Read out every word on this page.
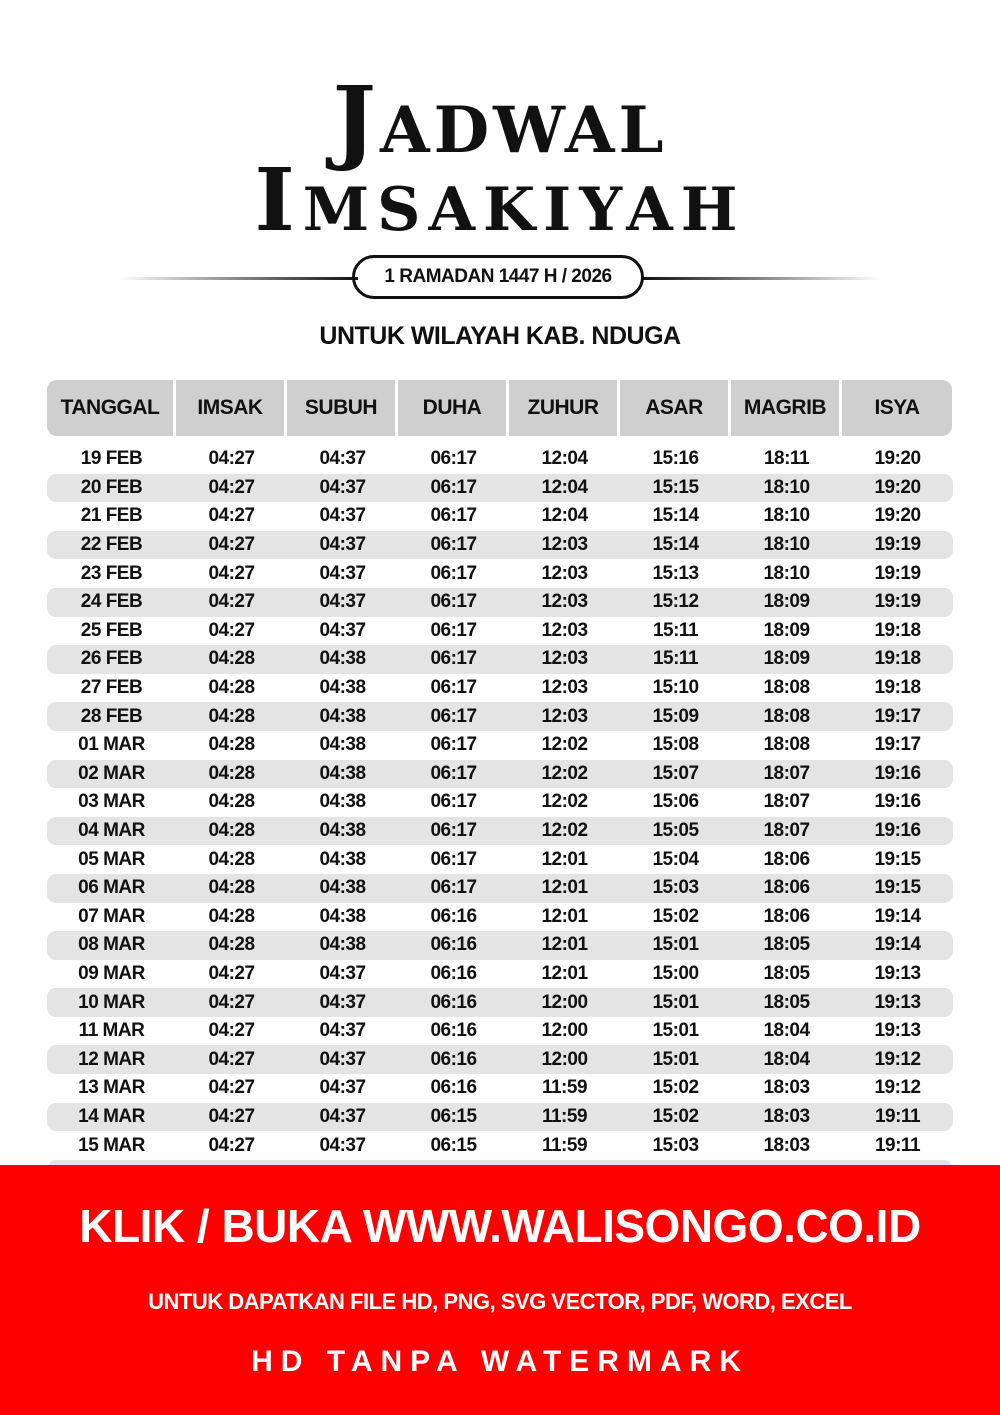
Jadwal
Imsakiyah
1 RAMADAN 1447 H / 2026
UNTUK WILAYAH KAB. NDUGA
TANGGAL IMSAK SUBUH DUHA ZUHUR ASAR MAGRIB ISYA
19 FEB	04:27	04:37	06:17	12:04	15:16	18:11	19:20
20 FEB	04:27	04:37	06:17	12:04	15:15	18:10	19:20
21 FEB	04:27	04:37	06:17	12:04	15:14	18:10	19:20
22 FEB	04:27	04:37	06:17	12:03	15:14	18:10	19:19
23 FEB	04:27	04:37	06:17	12:03	15:13	18:10	19:19
24 FEB	04:27	04:37	06:17	12:03	15:12	18:09	19:19
25 FEB	04:27	04:37	06:17	12:03	15:11	18:09	19:18
26 FEB	04:28	04:38	06:17	12:03	15:11	18:09	19:18
27 FEB	04:28	04:38	06:17	12:03	15:10	18:08	19:18
28 FEB	04:28	04:38	06:17	12:03	15:09	18:08	19:17
01 MAR	04:28	04:38	06:17	12:02	15:08	18:08	19:17
02 MAR	04:28	04:38	06:17	12:02	15:07	18:07	19:16
03 MAR	04:28	04:38	06:17	12:02	15:06	18:07	19:16
04 MAR	04:28	04:38	06:17	12:02	15:05	18:07	19:16
05 MAR	04:28	04:38	06:17	12:01	15:04	18:06	19:15
06 MAR	04:28	04:38	06:17	12:01	15:03	18:06	19:15
07 MAR	04:28	04:38	06:16	12:01	15:02	18:06	19:14
08 MAR	04:28	04:38	06:16	12:01	15:01	18:05	19:14
09 MAR	04:27	04:37	06:16	12:01	15:00	18:05	19:13
10 MAR	04:27	04:37	06:16	12:00	15:01	18:05	19:13
11 MAR	04:27	04:37	06:16	12:00	15:01	18:04	19:13
12 MAR	04:27	04:37	06:16	12:00	15:01	18:04	19:12
13 MAR	04:27	04:37	06:16	11:59	15:02	18:03	19:12
14 MAR	04:27	04:37	06:15	11:59	15:02	18:03	19:11
15 MAR	04:27	04:37	06:15	11:59	15:03	18:03	19:11
KLIK / BUKA WWW.WALISONGO.CO.ID
UNTUK DAPATKAN FILE HD, PNG, SVG VECTOR, PDF, WORD, EXCEL
HD TANPA WATERMARK
